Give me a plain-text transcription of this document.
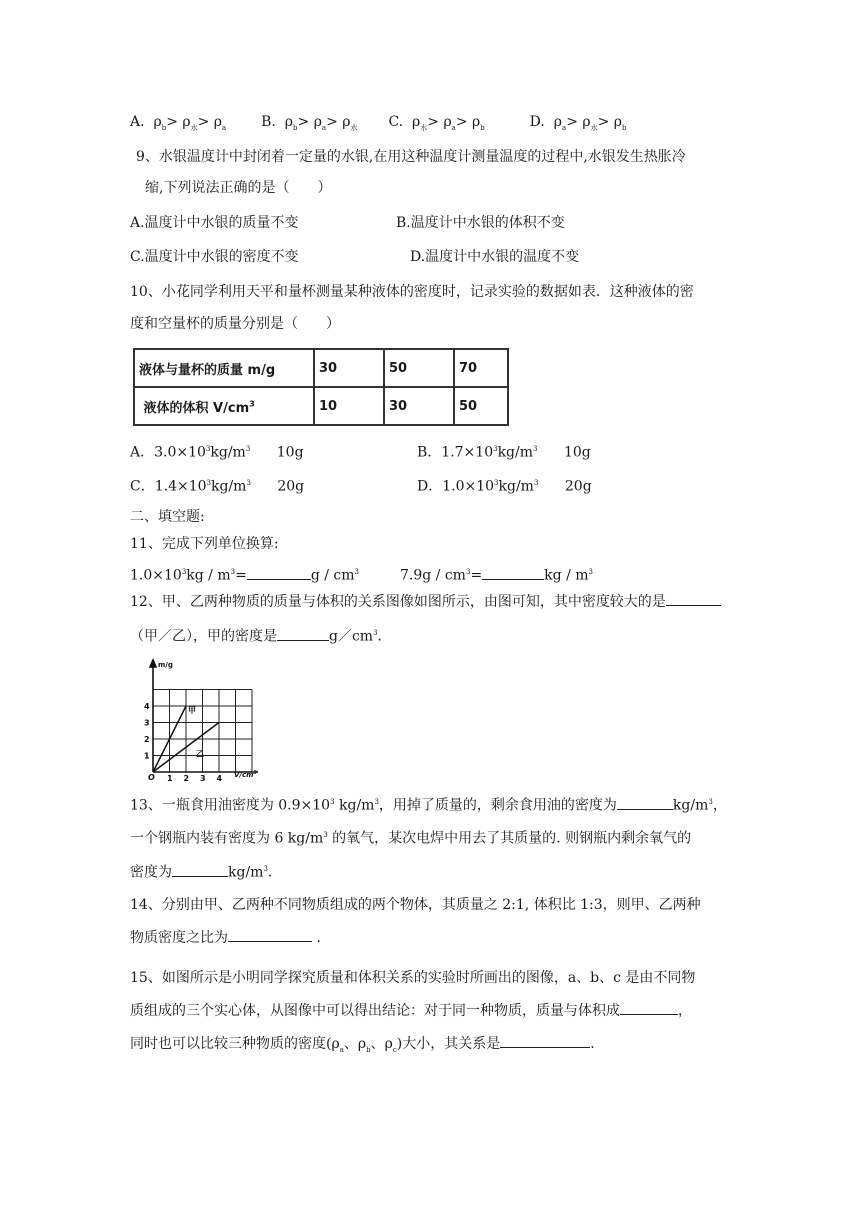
A. $\rho_b> \rho_水> \rho_a$ B. $\rho_b> \rho_a> \rho_水$ C. $\rho_水> \rho_a> \rho_b$	D. $\rho_a> \rho_水> \rho_b$
9、水银温度计中封闭着一定量的水银,在用这种温度计测量温度的过程中,水银发生热胀冷
缩,下列说法正确的是（　　）
A.温度计中水银的质量不变	B.温度计中水银的体积不变
C.温度计中水银的密度不变	D.温度计中水银的温度不变
10、小花同学利用天平和量杯测量某种液体的密度时，记录实验的数据如表．这种液体的密
度和空量杯的质量分别是（　　）
液体与量杯的质量 m/g	30	50	70
液体的体积 $V/cm^3$	10	30	50
A．$3.0\times 10^3kg/m^3$ 10g	B．$1.7\times 10^3kg/m^3$ 10g
C．$1.4\times 10^3kg/m^3$ 20g	D．$1.0\times 10^3kg/m^3$ 20g
二、填空题:
11、完成下列单位换算:
$1.0\times 10^3kg / m^3=$	g / $cm^3$	$7.9g / cm^3=$	kg / $m^3$
12、甲、乙两种物质的质量与体积的关系图像如图所示，由图可知，其中密度较大的是
（甲／乙），甲的密度是	$g/cm^3$．
m/g
$V/cm^3$
O 1 2 3 4
1
2
3
4	甲
乙
13、一瓶食用油密度为 $0.9\times 10^3$ $kg/m^3$，用掉了质量的，剩余食用油的密度为	$kg/m^3$，
一个钢瓶内装有密度为 6 $kg/m^3$ 的氧气，某次电焊中用去了其质量的. 则钢瓶内剩余氧气的
密度为	$kg/m^3$.
14、分别由甲、乙两种不同物质组成的两个物体，其质量之 2:1, 体积比 1:3，则甲、乙两种
物质密度之比为	.
15、如图所示是小明同学探究质量和体积关系的实验时所画出的图像，a、b、c 是由不同物
质组成的三个实心体，从图像中可以得出结论：对于同一种物质，质量与体积成	，
同时也可以比较三种物质的密度($\rho_a$、$\rho_b$、$\rho_c$)大小，其关系是	.
